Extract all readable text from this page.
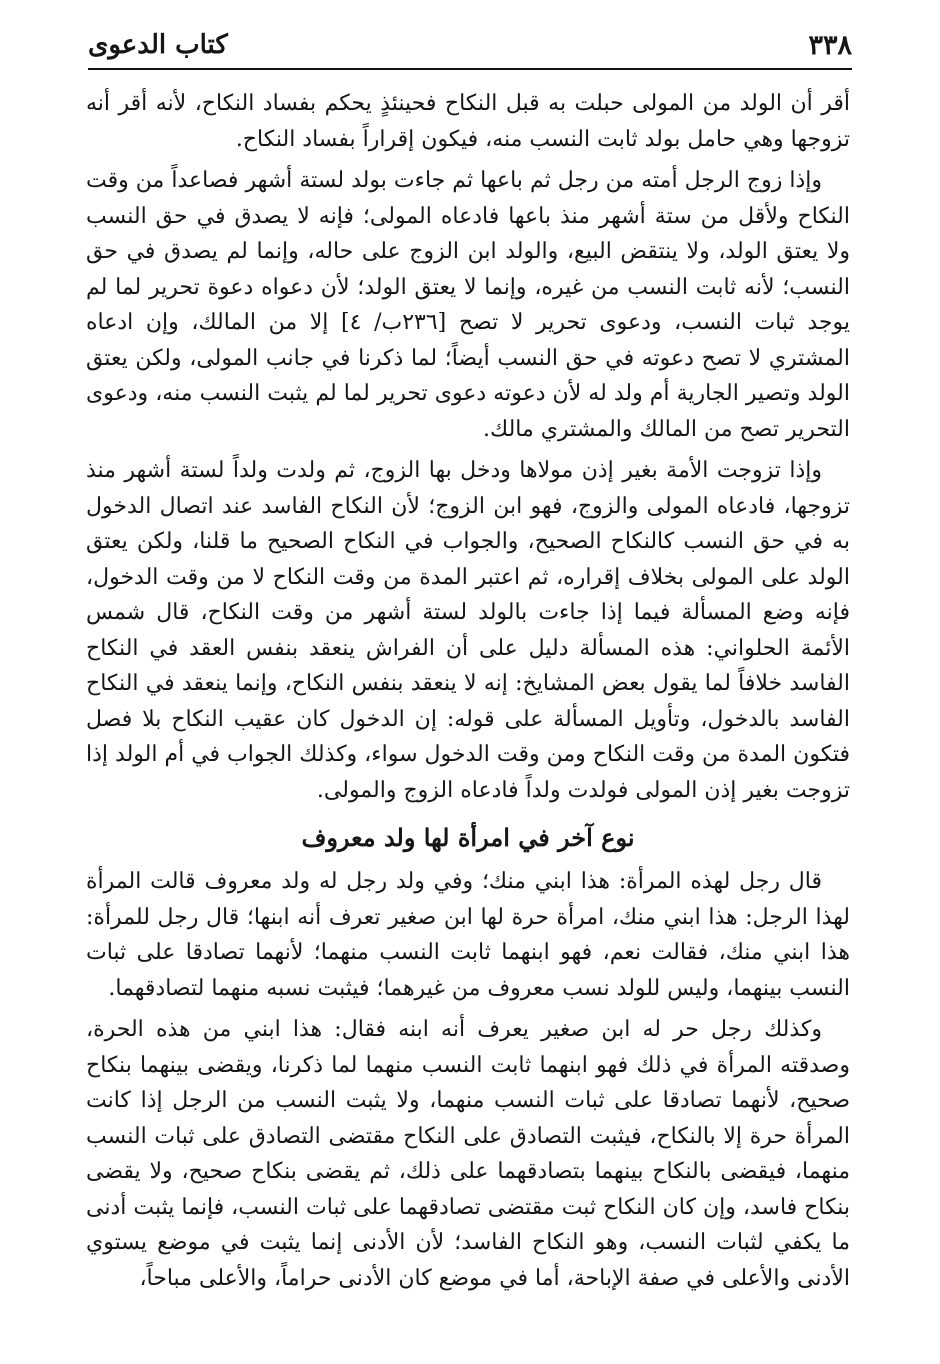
٣٣٨
كتاب الدعوى

أقر أن الولد من المولى حبلت به قبل النكاح فحينئذٍ يحكم بفساد النكاح، لأنه أقر أنه تزوجها وهي حامل بولد ثابت النسب منه، فيكون إقراراً بفساد النكاح.

وإذا زوج الرجل أمته من رجل ثم باعها ثم جاءت بولد لستة أشهر فصاعداً من وقت النكاح ولأقل من ستة أشهر منذ باعها فادعاه المولى؛ فإنه لا يصدق في حق النسب ولا يعتق الولد، ولا ينتقض البيع، والولد ابن الزوج على حاله، وإنما لم يصدق في حق النسب؛ لأنه ثابت النسب من غيره، وإنما لا يعتق الولد؛ لأن دعواه دعوة تحرير لما لم يوجد ثبات النسب، ودعوى تحرير لا تصح [٢٣٦ب/ ٤] إلا من المالك، وإن ادعاه المشتري لا تصح دعوته في حق النسب أيضاً؛ لما ذكرنا في جانب المولى، ولكن يعتق الولد وتصير الجارية أم ولد له لأن دعوته دعوى تحرير لما لم يثبت النسب منه، ودعوى التحرير تصح من المالك والمشتري مالك.

وإذا تزوجت الأمة بغير إذن مولاها ودخل بها الزوج، ثم ولدت ولداً لستة أشهر منذ تزوجها، فادعاه المولى والزوج، فهو ابن الزوج؛ لأن النكاح الفاسد عند اتصال الدخول به في حق النسب كالنكاح الصحيح، والجواب في النكاح الصحيح ما قلنا، ولكن يعتق الولد على المولى بخلاف إقراره، ثم اعتبر المدة من وقت النكاح لا من وقت الدخول، فإنه وضع المسألة فيما إذا جاءت بالولد لستة أشهر من وقت النكاح، قال شمس الأئمة الحلواني: هذه المسألة دليل على أن الفراش ينعقد بنفس العقد في النكاح الفاسد خلافاً لما يقول بعض المشايخ: إنه لا ينعقد بنفس النكاح، وإنما ينعقد في النكاح الفاسد بالدخول، وتأويل المسألة على قوله: إن الدخول كان عقيب النكاح بلا فصل فتكون المدة من وقت النكاح ومن وقت الدخول سواء، وكذلك الجواب في أم الولد إذا تزوجت بغير إذن المولى فولدت ولداً فادعاه الزوج والمولى.

نوع آخر في امرأة لها ولد معروف

قال رجل لهذه المرأة: هذا ابني منك؛ وفي ولد رجل له ولد معروف قالت المرأة لهذا الرجل: هذا ابني منك، امرأة حرة لها ابن صغير تعرف أنه ابنها؛ قال رجل للمرأة: هذا ابني منك، فقالت نعم، فهو ابنهما ثابت النسب منهما؛ لأنهما تصادقا على ثبات النسب بينهما، وليس للولد نسب معروف من غيرهما؛ فيثبت نسبه منهما لتصادقهما.

وكذلك رجل حر له ابن صغير يعرف أنه ابنه فقال: هذا ابني من هذه الحرة، وصدقته المرأة في ذلك فهو ابنهما ثابت النسب منهما لما ذكرنا، ويقضى بينهما بنكاح صحيح، لأنهما تصادقا على ثبات النسب منهما، ولا يثبت النسب من الرجل إذا كانت المرأة حرة إلا بالنكاح، فيثبت التصادق على النكاح مقتضى التصادق على ثبات النسب منهما، فيقضى بالنكاح بينهما بتصادقهما على ذلك، ثم يقضى بنكاح صحيح، ولا يقضى بنكاح فاسد، وإن كان النكاح ثبت مقتضى تصادقهما على ثبات النسب، فإنما يثبت أدنى ما يكفي لثبات النسب، وهو النكاح الفاسد؛ لأن الأدنى إنما يثبت في موضع يستوي الأدنى والأعلى في صفة الإباحة، أما في موضع كان الأدنى حراماً، والأعلى مباحاً،
